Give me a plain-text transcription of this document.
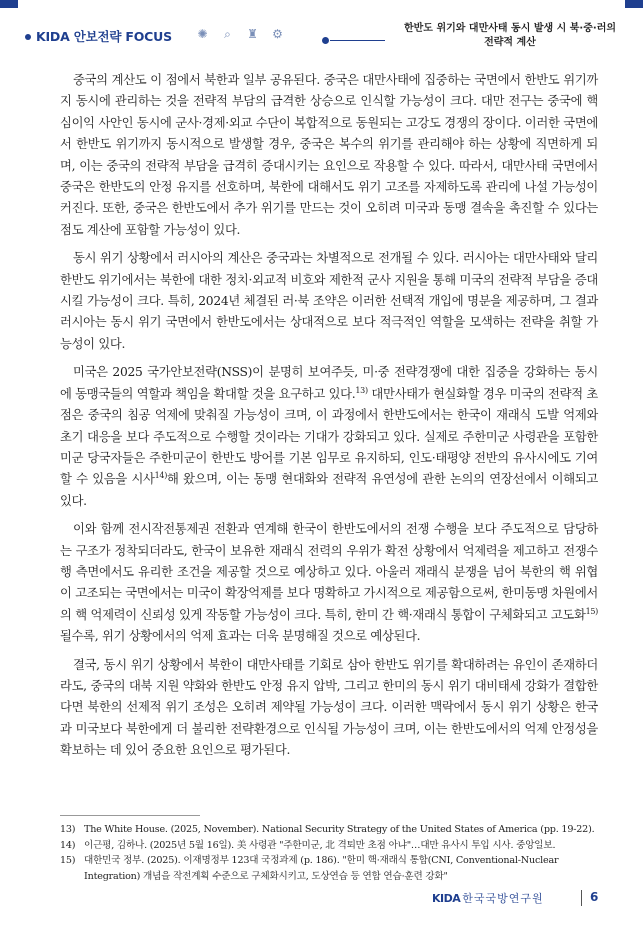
KIDA 안보전략 FOCUS ✺ ⌕ ♜ ⚙	한반도 위기와 대만사태 동시 발생 시 북·중·러의
전략적 계산

중국의 계산도 이 점에서 북한과 일부 공유된다. 중국은 대만사태에 집중하는 국면에서 한반도 위기까지 동시에 관리하는 것을 전략적 부담의 급격한 상승으로 인식할 가능성이 크다. 대만 전구는 중국에 핵심이익 사안인 동시에 군사·경제·외교 수단이 복합적으로 동원되는 고강도 경쟁의 장이다. 이러한 국면에서 한반도 위기까지 동시적으로 발생할 경우, 중국은 복수의 위기를 관리해야 하는 상황에 직면하게 되며, 이는 중국의 전략적 부담을 급격히 증대시키는 요인으로 작용할 수 있다. 따라서, 대만사태 국면에서 중국은 한반도의 안정 유지를 선호하며, 북한에 대해서도 위기 고조를 자제하도록 관리에 나설 가능성이 커진다. 또한, 중국은 한반도에서 추가 위기를 만드는 것이 오히려 미국과 동맹 결속을 촉진할 수 있다는 점도 계산에 포함할 가능성이 있다.

동시 위기 상황에서 러시아의 계산은 중국과는 차별적으로 전개될 수 있다. 러시아는 대만사태와 달리 한반도 위기에서는 북한에 대한 정치·외교적 비호와 제한적 군사 지원을 통해 미국의 전략적 부담을 증대시킬 가능성이 크다. 특히, 2024년 체결된 러·북 조약은 이러한 선택적 개입에 명분을 제공하며, 그 결과 러시아는 동시 위기 국면에서 한반도에서는 상대적으로 보다 적극적인 역할을 모색하는 전략을 취할 가능성이 있다.

미국은 2025 국가안보전략(NSS)이 분명히 보여주듯, 미·중 전략경쟁에 대한 집중을 강화하는 동시에 동맹국들의 역할과 책임을 확대할 것을 요구하고 있다.$^{13)}$ 대만사태가 현실화할 경우 미국의 전략적 초점은 중국의 침공 억제에 맞춰질 가능성이 크며, 이 과정에서 한반도에서는 한국이 재래식 도발 억제와 초기 대응을 보다 주도적으로 수행할 것이라는 기대가 강화되고 있다. 실제로 주한미군 사령관을 포함한 미군 당국자들은 주한미군이 한반도 방어를 기본 임무로 유지하되, 인도·태평양 전반의 유사시에도 기여할 수 있음을 시사$^{14)}$해 왔으며, 이는 동맹 현대화와 전략적 유연성에 관한 논의의 연장선에서 이해되고 있다.

이와 함께 전시작전통제권 전환과 연계해 한국이 한반도에서의 전쟁 수행을 보다 주도적으로 담당하는 구조가 정착되더라도, 한국이 보유한 재래식 전력의 우위가 확전 상황에서 억제력을 제고하고 전쟁수행 측면에서도 유리한 조건을 제공할 것으로 예상하고 있다. 아울러 재래식 분쟁을 넘어 북한의 핵 위협이 고조되는 국면에서는 미국이 확장억제를 보다 명확하고 가시적으로 제공함으로써, 한미동맹 차원에서의 핵 억제력이 신뢰성 있게 작동할 가능성이 크다. 특히, 한미 간 핵·재래식 통합이 구체화되고 고도화$^{15)}$될수록, 위기 상황에서의 억제 효과는 더욱 분명해질 것으로 예상된다.

결국, 동시 위기 상황에서 북한이 대만사태를 기회로 삼아 한반도 위기를 확대하려는 유인이 존재하더라도, 중국의 대북 지원 약화와 한반도 안정 유지 압박, 그리고 한미의 동시 위기 대비태세 강화가 결합한다면 북한의 선제적 위기 조성은 오히려 제약될 가능성이 크다. 이러한 맥락에서 동시 위기 상황은 한국과 미국보다 북한에게 더 불리한 전략환경으로 인식될 가능성이 크며, 이는 한반도에서의 억제 안정성을 확보하는 데 있어 중요한 요인으로 평가된다.

13) The White House. (2025, November). National Security Strategy of the United States of America (pp. 19-22).
14) 이근평, 김하나. (2025년 5월 16일). 美 사령관 "주한미군, 北 격퇴만 초점 아냐"…대만 유사시 투입 시사. 중앙일보.
15) 대한민국 정부. (2025). 이재명정부 123대 국정과제 (p. 186). "한미 핵·재래식 통합(CNI, Conventional-Nuclear Integration) 개념을 작전계획 수준으로 구체화시키고, 도상연습 등 연합 연습·훈련 강화"
KIDA 한국국방연구원	6
